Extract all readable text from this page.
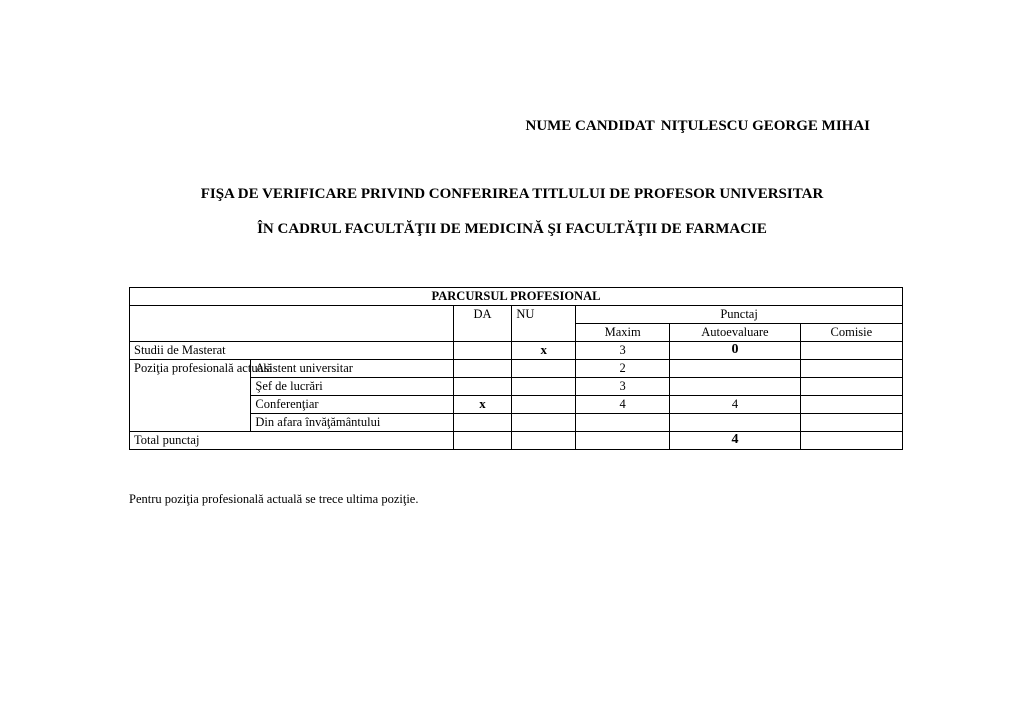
NUME CANDIDAT NIŢULESCU GEORGE MIHAI
FIŞA DE VERIFICARE PRIVIND CONFERIREA TITLULUI DE PROFESOR UNIVERSITAR
ÎN CADRUL FACULTĂŢII DE MEDICINĂ ŞI FACULTĂŢII DE FARMACIE
PARCURSUL PROFESIONAL						
		DA	NU	Punctaj		
				Maxim	Autoevaluare	Comisie
Studii de Masterat			x	3	0	
Poziţia profesională actuală	Asistent universitar			2		
	Şef de lucrări			3		
	Conferenţiar	x		4	4	
	Din afara învăţământului					
Total punctaj					4	
Pentru poziţia profesională actuală se trece ultima poziţie.
